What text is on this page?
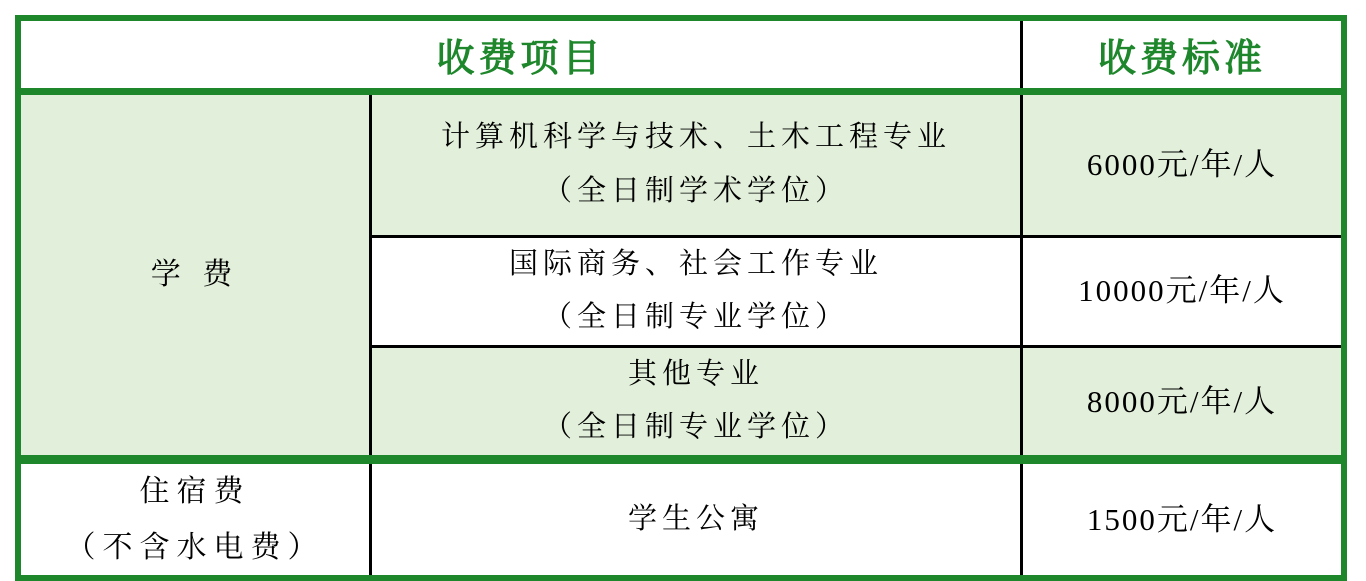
收费项目		收费标准
学 费	计算机科学与技术、土木工程专业
（全日制学术学位）	6000元/年/人

	国际商务、社会工作专业
（全日制专业学位）	10000元/年/人

	其他专业
（全日制专业学位）	8000元/年/人

住宿费
（不含水电费）	学生公寓	1500元/年/人
